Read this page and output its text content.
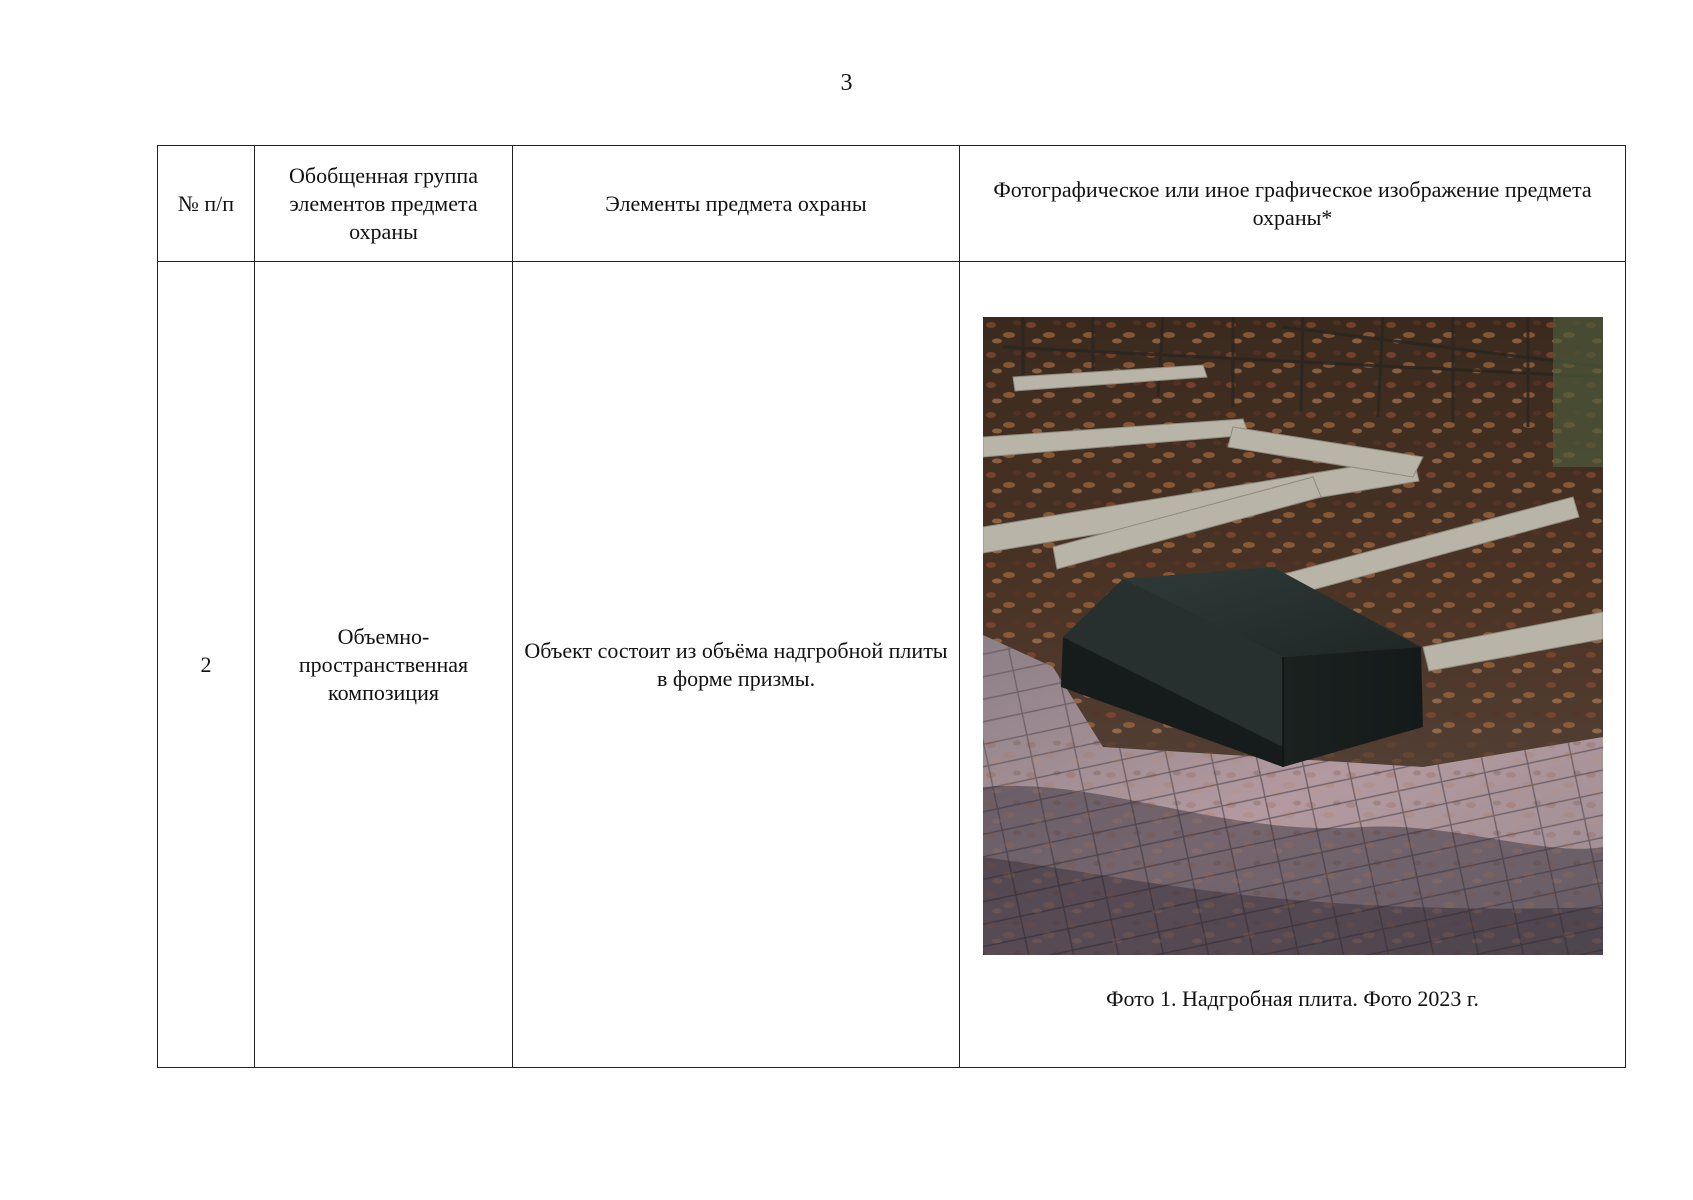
3
№ п/п	Обобщенная группа элементов предмета охраны	Элементы предмета охраны	Фотографическое или иное графическое изображение предмета охраны*
2	Объемно-пространственная композиция	Объект состоит из объёма надгробной плиты в форме призмы.	Фото 1. Надгробная плита. Фото 2023 г.
